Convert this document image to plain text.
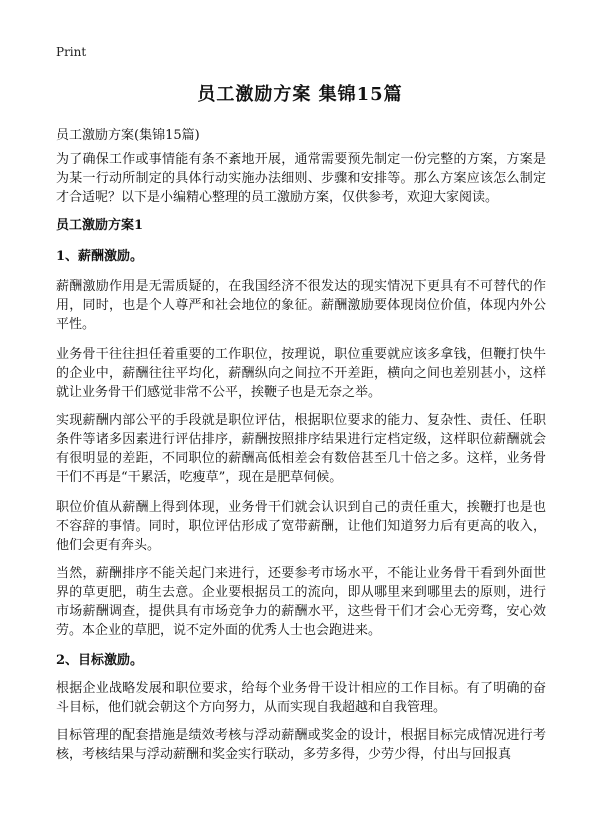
Print
员工激励方案 集锦15篇
员工激励方案(集锦15篇)
为了确保工作或事情能有条不紊地开展，通常需要预先制定一份完整的方案，方案是为某一行动所制定的具体行动实施办法细则、步骤和安排等。那么方案应该怎么制定才合适呢？以下是小编精心整理的员工激励方案，仅供参考，欢迎大家阅读。
员工激励方案1
1、薪酬激励。
薪酬激励作用是无需质疑的，在我国经济不很发达的现实情况下更具有不可替代的作用，同时，也是个人尊严和社会地位的象征。薪酬激励要体现岗位价值，体现内外公平性。
业务骨干往往担任着重要的工作职位，按理说，职位重要就应该多拿钱，但鞭打快牛的企业中，薪酬往往平均化，薪酬纵向之间拉不开差距，横向之间也差别甚小，这样就让业务骨干们感觉非常不公平，挨鞭子也是无奈之举。
实现薪酬内部公平的手段就是职位评估，根据职位要求的能力、复杂性、责任、任职条件等诸多因素进行评估排序，薪酬按照排序结果进行定档定级，这样职位薪酬就会有很明显的差距，不同职位的薪酬高低相差会有数倍甚至几十倍之多。这样，业务骨干们不再是“干累活，吃瘦草”，现在是肥草伺候。
职位价值从薪酬上得到体现，业务骨干们就会认识到自己的责任重大，挨鞭打也是也不容辞的事情。同时，职位评估形成了宽带薪酬，让他们知道努力后有更高的收入，他们会更有奔头。
当然，薪酬排序不能关起门来进行，还要参考市场水平，不能让业务骨干看到外面世界的草更肥，萌生去意。企业要根据员工的流向，即从哪里来到哪里去的原则，进行市场薪酬调查，提供具有市场竞争力的薪酬水平，这些骨干们才会心无旁骛，安心效劳。本企业的草肥，说不定外面的优秀人士也会跑进来。
2、目标激励。
根据企业战略发展和职位要求，给每个业务骨干设计相应的工作目标。有了明确的奋斗目标，他们就会朝这个方向努力，从而实现自我超越和自我管理。
目标管理的配套措施是绩效考核与浮动薪酬或奖金的设计，根据目标完成情况进行考核，考核结果与浮动薪酬和奖金实行联动，多劳多得，少劳少得，付出与回报真
